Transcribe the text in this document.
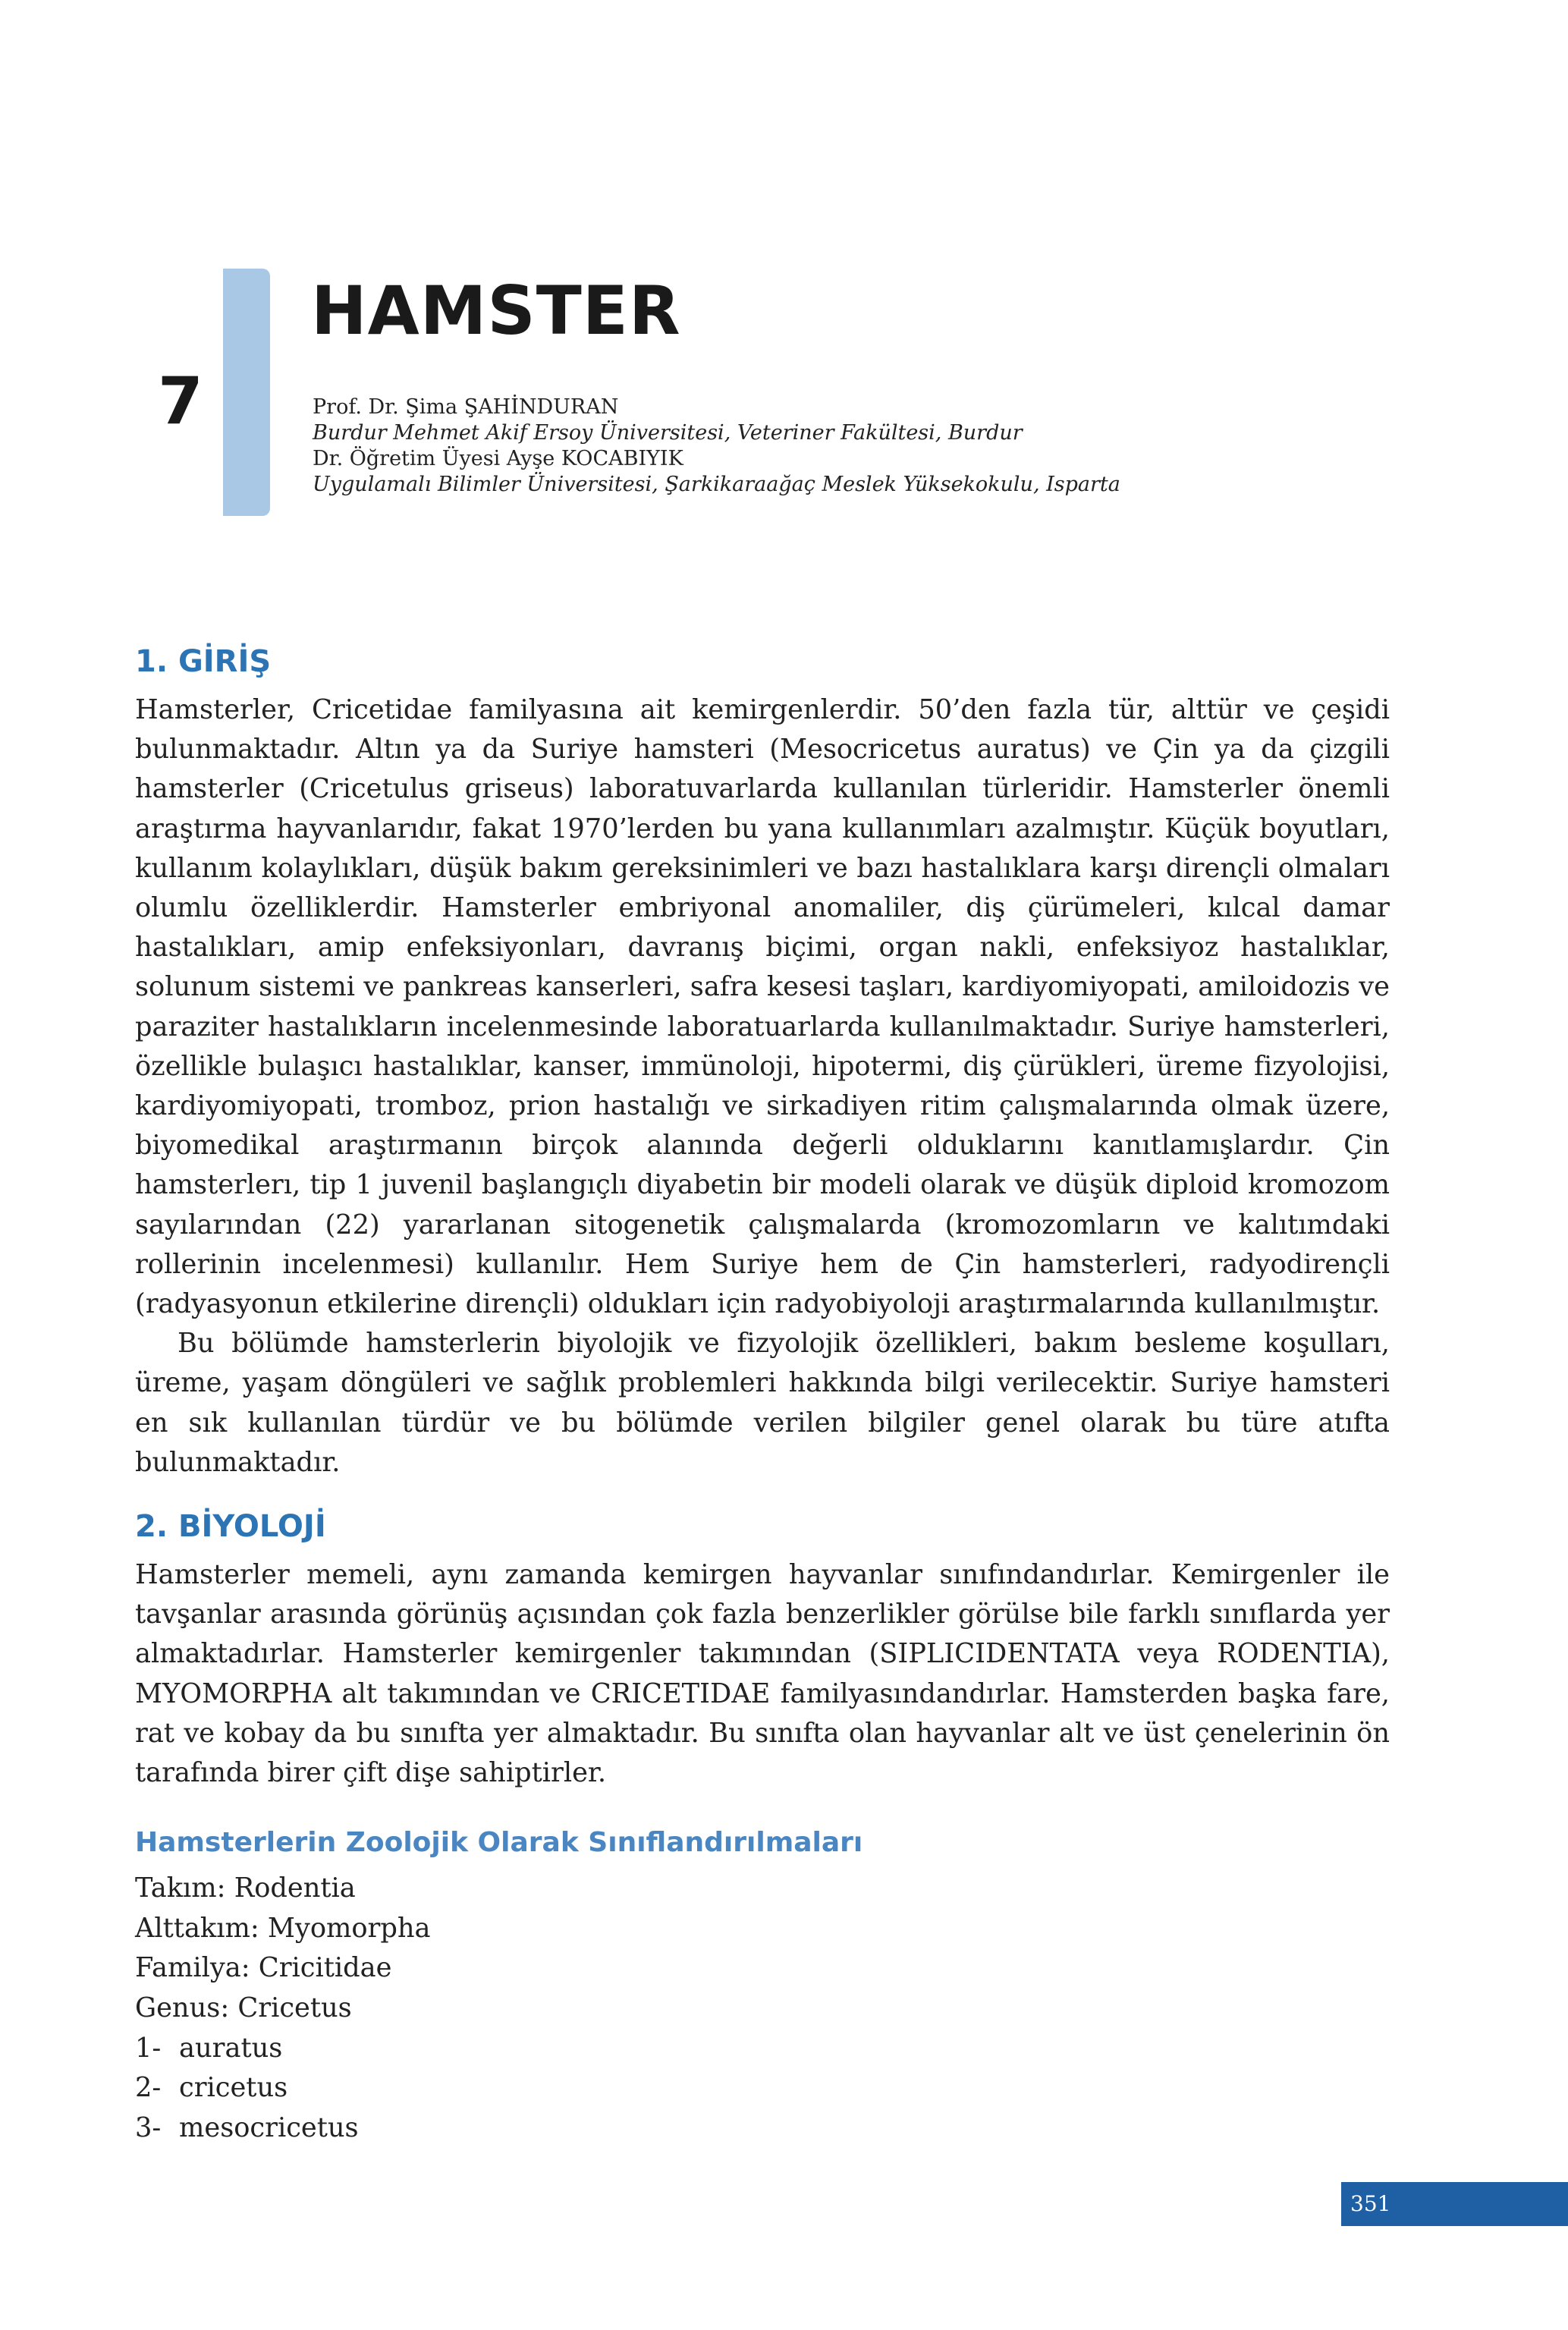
7
HAMSTER
Prof. Dr. Şima ŞAHİNDURAN
Burdur Mehmet Akif Ersoy Üniversitesi, Veteriner Fakültesi, Burdur
Dr. Öğretim Üyesi Ayşe KOCABIYIK
Uygulamalı Bilimler Üniversitesi, Şarkikaraağaç Meslek Yüksekokulu, Isparta
1. GİRİŞ

Hamsterler, Cricetidae familyasına ait kemirgenlerdir. 50’den fazla tür, alttür ve çeşidi bulunmaktadır. Altın ya da Suriye hamsteri (Mesocricetus auratus) ve Çin ya da çizgili hamsterler (Cricetulus griseus) laboratuvarlarda kullanılan türleridir. Hamsterler önemli araştırma hayvanlarıdır, fakat 1970’lerden bu yana kullanımları azalmıştır. Küçük boyutları, kullanım kolaylıkları, düşük bakım gereksinimleri ve bazı hastalıklara karşı dirençli olmaları olumlu özelliklerdir. Hamsterler embriyonal anomaliler, diş çürümeleri, kılcal damar hastalıkları, amip enfeksiyonları, davranış biçimi, organ nakli, enfeksiyoz hastalıklar, solunum sistemi ve pankreas kanserleri, safra kesesi taşları, kardiyomiyopati, amiloidozis ve paraziter hastalıkların incelenmesinde laboratuarlarda kullanılmaktadır. Suriye hamsterleri, özellikle bulaşıcı hastalıklar, kanser, immünoloji, hipotermi, diş çürükleri, üreme fizyolojisi, kardiyomiyopati, tromboz, prion hastalığı ve sirkadiyen ritim çalışmalarında olmak üzere, biyomedikal araştırmanın birçok alanında değerli olduklarını kanıtlamışlardır. Çin hamsterlerı, tip 1 juvenil başlangıçlı diyabetin bir modeli olarak ve düşük diploid kromozom sayılarından (22) yararlanan sitogenetik çalışmalarda (kromozomların ve kalıtımdaki rollerinin incelenmesi) kullanılır. Hem Suriye hem de Çin hamsterleri, radyodirençli (radyasyonun etkilerine dirençli) oldukları için radyobiyoloji araştırmalarında kullanılmıştır.

Bu bölümde hamsterlerin biyolojik ve fizyolojik özellikleri, bakım besleme koşulları, üreme, yaşam döngüleri ve sağlık problemleri hakkında bilgi verilecektir. Suriye hamsteri en sık kullanılan türdür ve bu bölümde verilen bilgiler genel olarak bu türe atıfta bulunmaktadır.

2. BİYOLOJİ

Hamsterler memeli, aynı zamanda kemirgen hayvanlar sınıfındandırlar. Kemirgenler ile tavşanlar arasında görünüş açısından çok fazla benzerlikler görülse bile farklı sınıflarda yer almaktadırlar. Hamsterler kemirgenler takımından (SIPLICIDENTATA veya RODENTIA), MYOMORPHA alt takımından ve CRICETIDAE familyasındandırlar. Hamsterden başka fare, rat ve kobay da bu sınıfta yer almaktadır. Bu sınıfta olan hayvanlar alt ve üst çenelerinin ön tarafında birer çift dişe sahiptirler.

Hamsterlerin Zoolojik Olarak Sınıflandırılmaları
Takım: Rodentia
Alttakım: Myomorpha
Familya: Cricitidae
Genus: Cricetus
1- auratus
2- cricetus
3- mesocricetus
351
